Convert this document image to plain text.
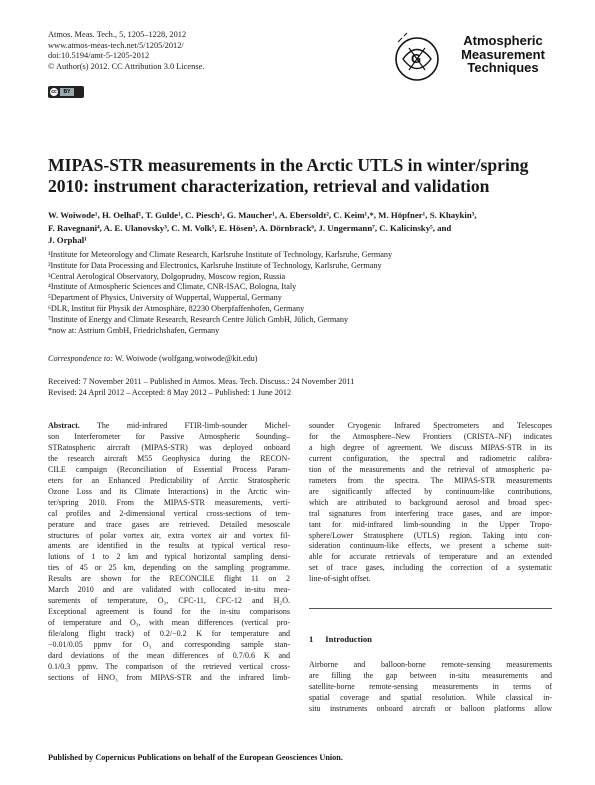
Atmos. Meas. Tech., 5, 1205–1228, 2012
www.atmos-meas-tech.net/5/1205/2012/
doi:10.5194/amt-5-1205-2012
© Author(s) 2012. CC Attribution 3.0 License.
cc	BY
G
Atmospheric
Measurement
Techniques
MIPAS-STR measurements in the Arctic UTLS in winter/spring
2010: instrument characterization, retrieval and validation
W. Woiwode¹, H. Oelhaf¹, T. Gulde¹, C. Piesch¹, G. Maucher¹, A. Ebersoldt², C. Keim¹,*, M. Höpfner¹, S. Khaykin³,
F. Ravegnani⁴, A. E. Ulanovsky³, C. M. Volk⁵, E. Hösen⁵, A. Dörnbrack⁶, J. Ungermann⁷, C. Kalicinsky⁵, and
J. Orphal¹
¹Institute for Meteorology and Climate Research, Karlsruhe Institute of Technology, Karlsruhe, Germany
²Institute for Data Processing and Electronics, Karlsruhe Institute of Technology, Karlsruhe, Germany
³Central Aerological Observatory, Dolgoprudny, Moscow region, Russia
⁴Institute of Atmospheric Sciences and Climate, CNR-ISAC, Bologna, Italy
⁵Department of Physics, University of Wuppertal, Wuppertal, Germany
⁶DLR, Institut für Physik der Atmosphäre, 82230 Oberpfaffenhofen, Germany
⁷Institute of Energy and Climate Research, Research Centre Jülich GmbH, Jülich, Germany
*now at: Astrium GmbH, Friedrichshafen, Germany
Correspondence to: W. Woiwode (wolfgang.woiwode@kit.edu)
Received: 7 November 2011 – Published in Atmos. Meas. Tech. Discuss.: 24 November 2011
Revised: 24 April 2012 – Accepted: 8 May 2012 – Published: 1 June 2012
Abstract. The mid-infrared FTIR-limb-sounder Michel-
son Interferometer for Passive Atmospheric Sounding–
STRatospheric aircraft (MIPAS-STR) was deployed onboard
the research aircraft M55 Geophysica during the RECON-
CILE campaign (Reconciliation of Essential Process Param-
eters for an Enhanced Predictability of Arctic Stratospheric
Ozone Loss and its Climate Interactions) in the Arctic win-
ter/spring 2010. From the MIPAS-STR measurements, verti-
cal profiles and 2-dimensional vertical cross-sections of tem-
perature and trace gases are retrieved. Detailed mesoscale
structures of polar vortex air, extra vortex air and vortex fil-
aments are identified in the results at typical vertical reso-
lutions of 1 to 2 km and typical horizontal sampling densi-
ties of 45 or 25 km, depending on the sampling programme.
Results are shown for the RECONCILE flight 11 on 2
March 2010 and are validated with collocated in-situ mea-
surements of temperature, O₃, CFC-11, CFC-12 and H₂O.
Exceptional agreement is found for the in-situ comparisons
of temperature and O₃, with mean differences (vertical pro-
file/along flight track) of 0.2/−0.2 K for temperature and
−0.01/0.05 ppmv for O₃ and corresponding sample stan-
dard deviations of the mean differences of 0.7/0.6 K and
0.1/0.3 ppmv. The comparison of the retrieved vertical cross-
sections of HNO₃ from MIPAS-STR and the infrared limb-
sounder Cryogenic Infrared Spectrometers and Telescopes
for the Atmosphere–New Frontiers (CRISTA–NF) indicates
a high degree of agreement. We discuss MIPAS-STR in its
current configuration, the spectral and radiometric calibra-
tion of the measurements and the retrieval of atmospheric pa-
rameters from the spectra. The MIPAS-STR measurements
are significantly affected by continuum-like contributions,
which are attributed to background aerosol and broad spec-
tral signatures from interfering trace gases, and are impor-
tant for mid-infrared limb-sounding in the Upper Tropo-
sphere/Lower Stratosphere (UTLS) region. Taking into con-
sideration continuum-like effects, we present a scheme suit-
able for accurate retrievals of temperature and an extended
set of trace gases, including the correction of a systematic
line-of-sight offset.
1 Introduction
Airborne and balloon-borne remote-sensing measurements
are filling the gap between in-situ measurements and
satellite-borne remote-sensing measurements in terms of
spatial coverage and spatial resolution. While classical in-
situ instruments onboard aircraft or balloon platforms allow
Published by Copernicus Publications on behalf of the European Geosciences Union.
